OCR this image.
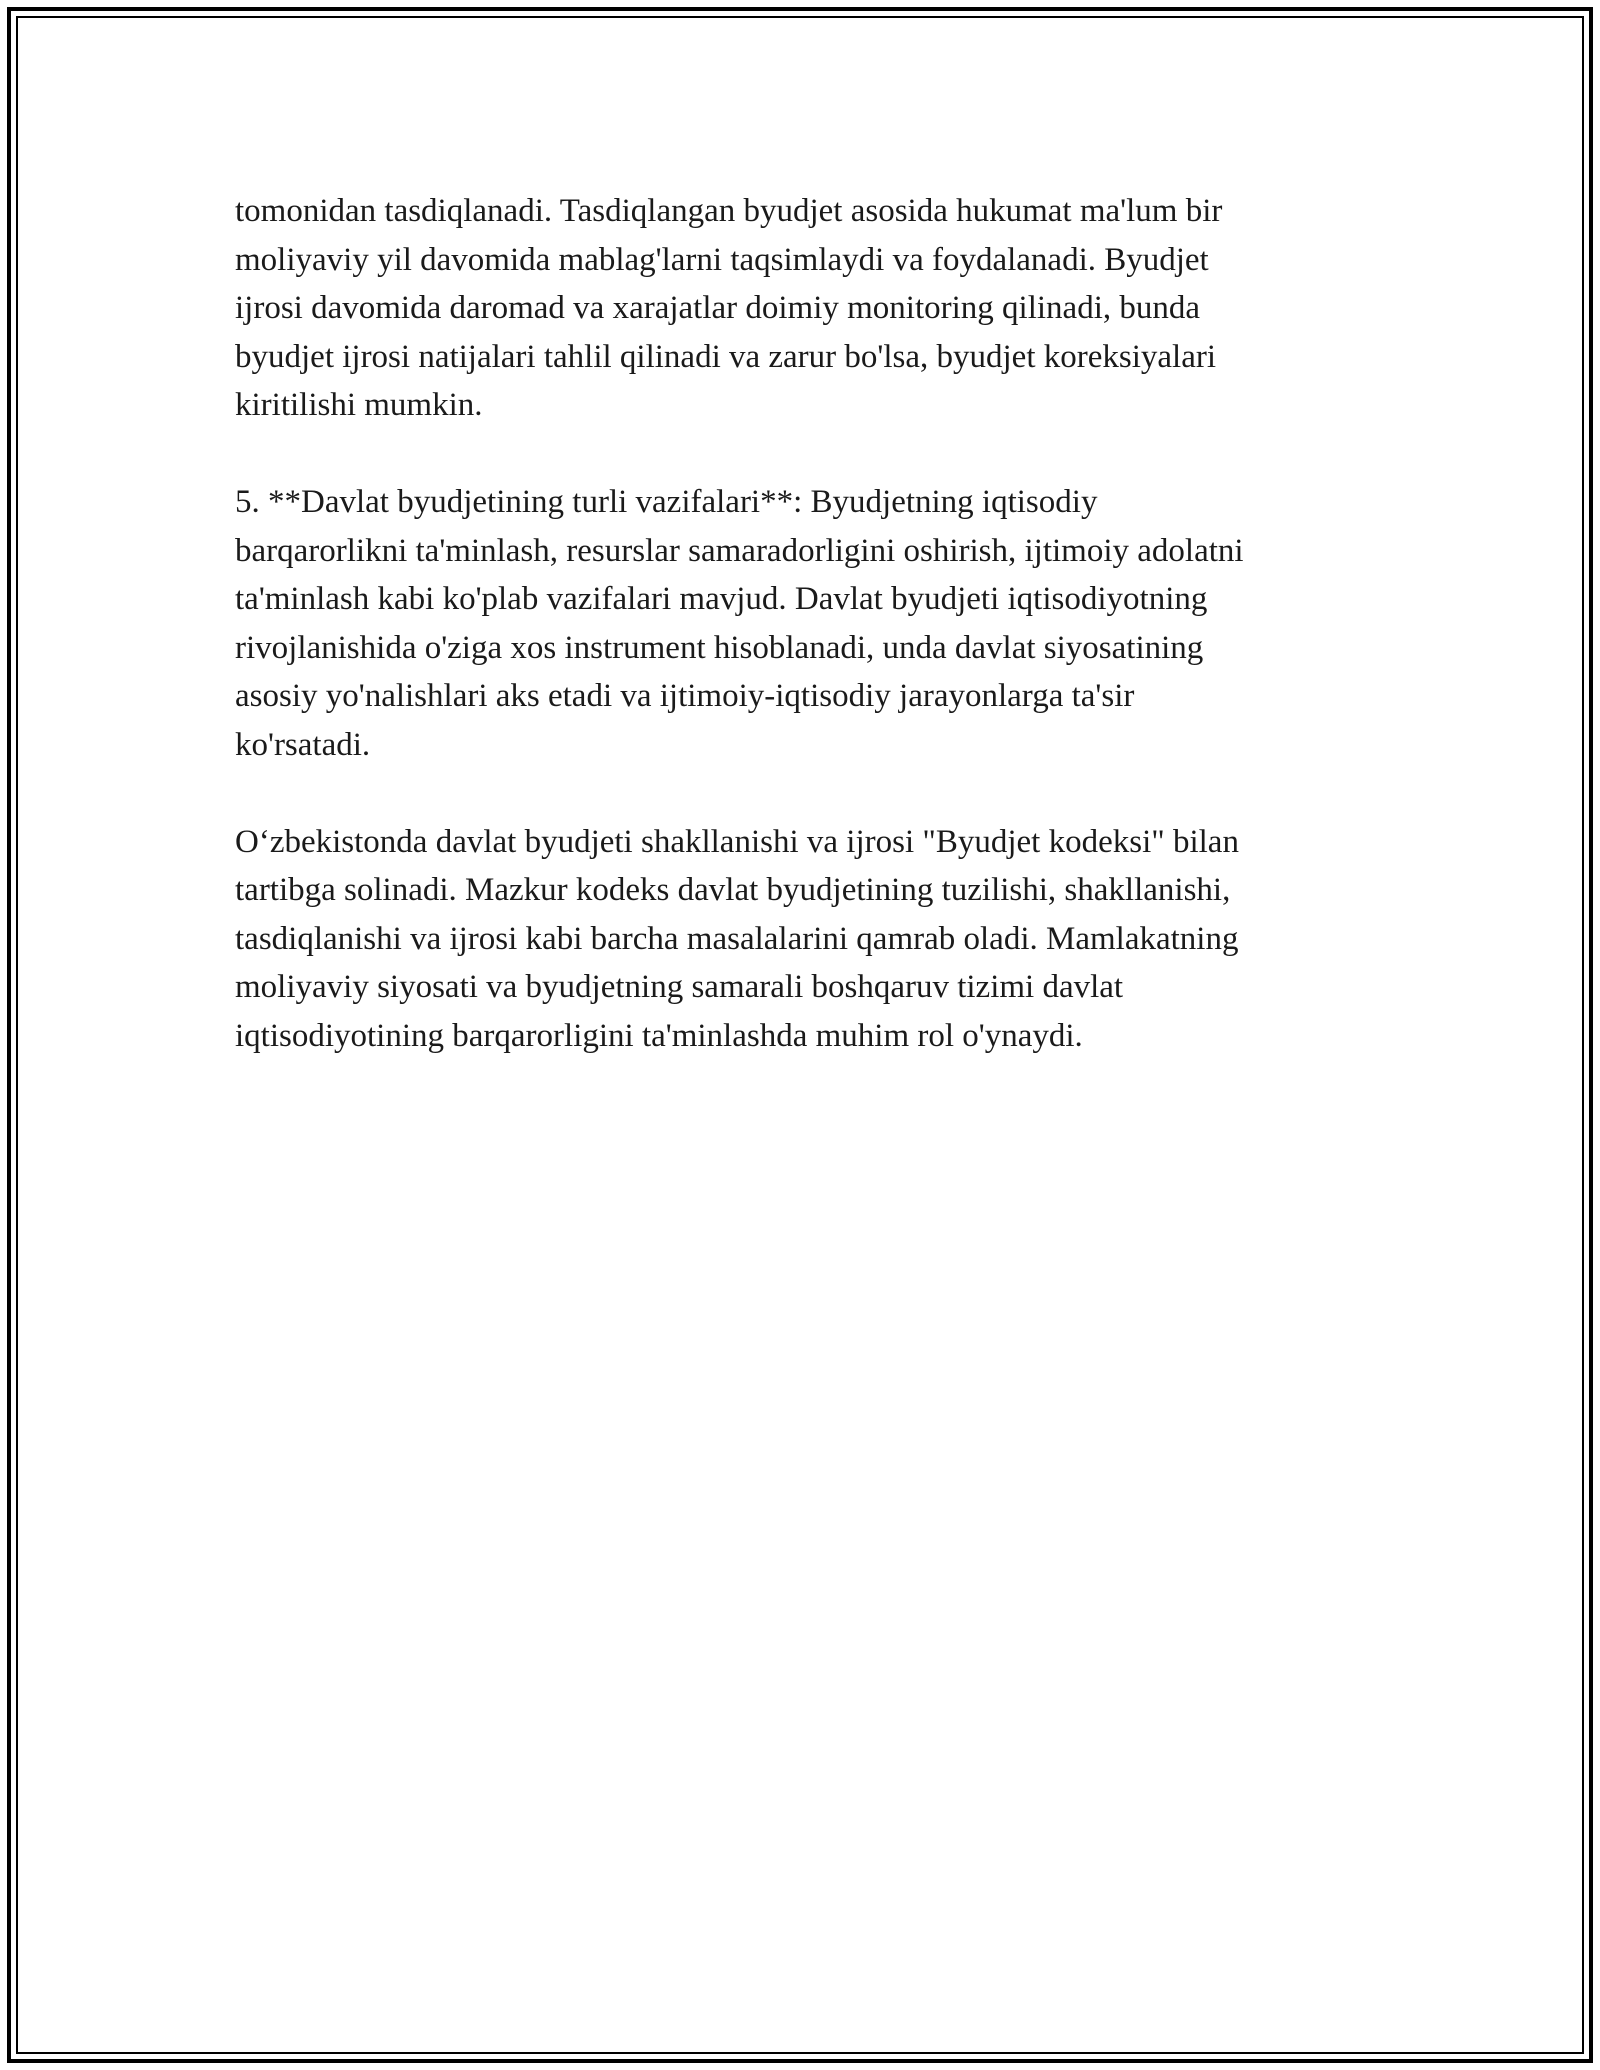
tomonidan tasdiqlanadi. Tasdiqlangan byudjet asosida hukumat ma'lum bir
moliyaviy yil davomida mablag'larni taqsimlaydi va foydalanadi. Byudjet
ijrosi davomida daromad va xarajatlar doimiy monitoring qilinadi, bunda
byudjet ijrosi natijalari tahlil qilinadi va zarur bo'lsa, byudjet koreksiyalari
kiritilishi mumkin.

5. **Davlat byudjetining turli vazifalari**: Byudjetning iqtisodiy
barqarorlikni ta'minlash, resurslar samaradorligini oshirish, ijtimoiy adolatni
ta'minlash kabi ko'plab vazifalari mavjud. Davlat byudjeti iqtisodiyotning
rivojlanishida o'ziga xos instrument hisoblanadi, unda davlat siyosatining
asosiy yo'nalishlari aks etadi va ijtimoiy-iqtisodiy jarayonlarga ta'sir
ko'rsatadi.

O‘zbekistonda davlat byudjeti shakllanishi va ijrosi "Byudjet kodeksi" bilan
tartibga solinadi. Mazkur kodeks davlat byudjetining tuzilishi, shakllanishi,
tasdiqlanishi va ijrosi kabi barcha masalalarini qamrab oladi. Mamlakatning
moliyaviy siyosati va byudjetning samarali boshqaruv tizimi davlat
iqtisodiyotining barqarorligini ta'minlashda muhim rol o'ynaydi.
